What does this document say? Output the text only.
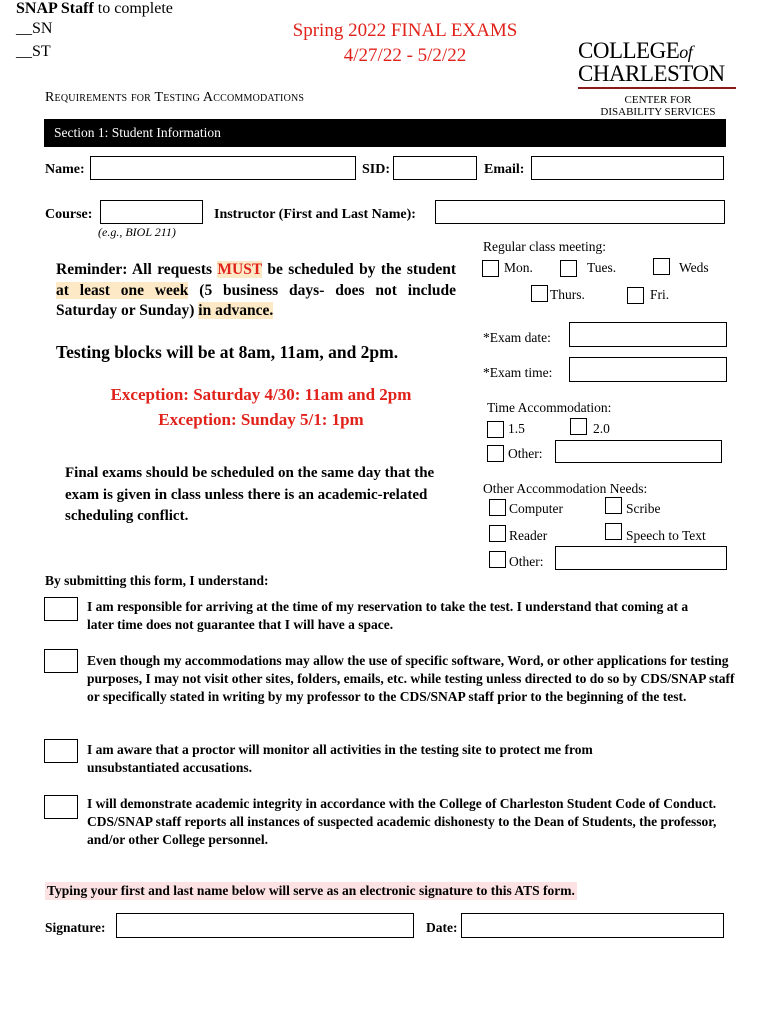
SNAP Staff to complete
__SN
__ST
Spring 2022 FINAL EXAMS
4/27/22 - 5/2/22
Requirements for Testing Accommodations
COLLEGEof
CHARLESTON
CENTER FOR
DISABILITY SERVICES
Section 1: Student Information
Name:	SID:	Email:
Course:
(e.g., BIOL 211)
Instructor (First and Last Name):
Reminder: All requests MUST be scheduled by the student at least one week (5 business days- does not include Saturday or Sunday) in advance.
Testing blocks will be at 8am, 11am, and 2pm.
Exception: Saturday 4/30: 11am and 2pm
Exception: Sunday 5/1: 1pm
Final exams should be scheduled on the same day that the exam is given in class unless there is an academic-related scheduling conflict.
Regular class meeting:
Mon.	Tues.	Weds
Thurs.	Fri.
*Exam date:
*Exam time:
Time Accommodation:
1.5	2.0
Other:
Other Accommodation Needs:
Computer	Scribe
Reader	Speech to Text
Other:
By submitting this form, I understand:
I am responsible for arriving at the time of my reservation to take the test. I understand that coming at a later time does not guarantee that I will have a space.
Even though my accommodations may allow the use of specific software, Word, or other applications for testing purposes, I may not visit other sites, folders, emails, etc. while testing unless directed to do so by CDS/SNAP staff or specifically stated in writing by my professor to the CDS/SNAP staff prior to the beginning of the test.
I am aware that a proctor will monitor all activities in the testing site to protect me from unsubstantiated accusations.
I will demonstrate academic integrity in accordance with the College of Charleston Student Code of Conduct. CDS/SNAP staff reports all instances of suspected academic dishonesty to the Dean of Students, the professor, and/or other College personnel.
Typing your first and last name below will serve as an electronic signature to this ATS form.
Signature:	Date:
